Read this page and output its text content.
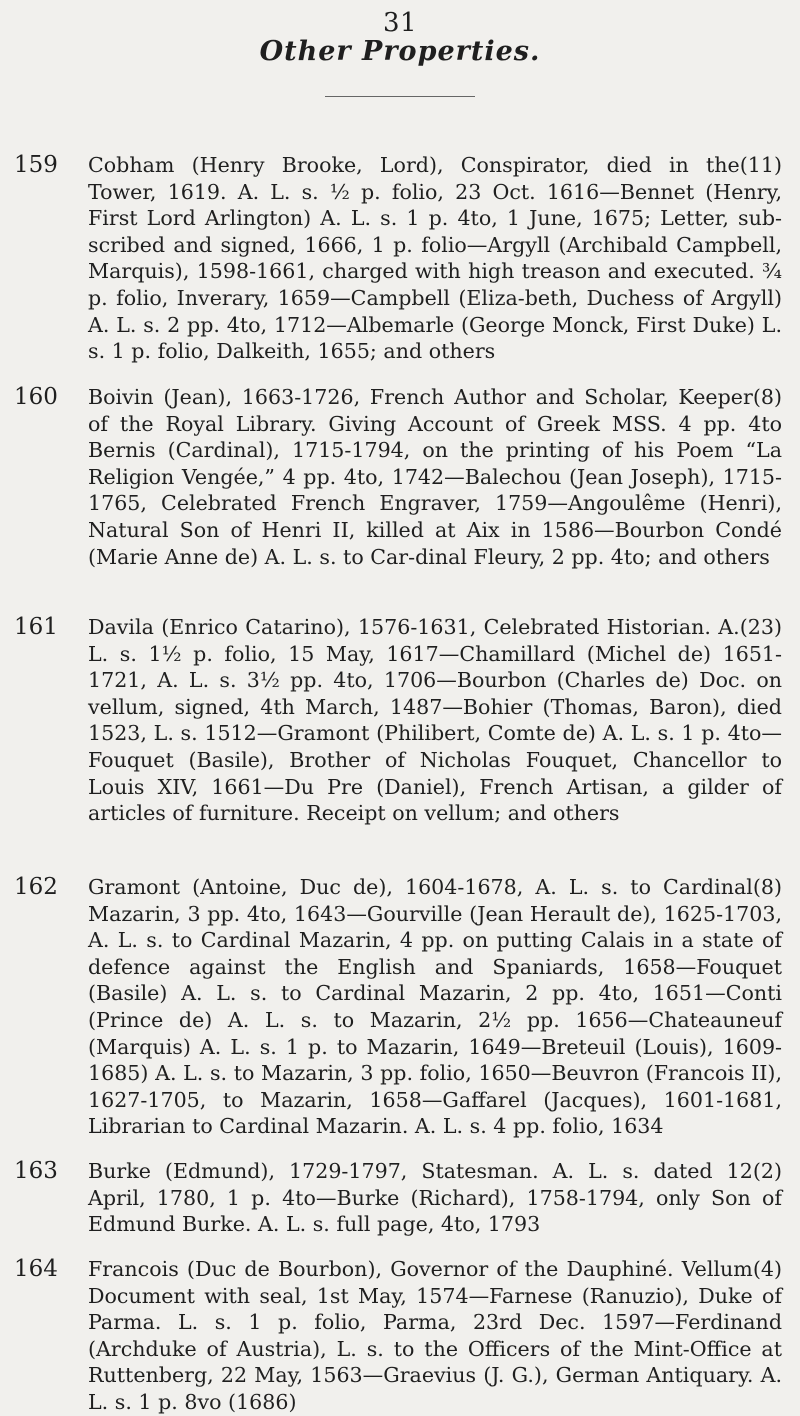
31
Other Properties.
159	(11)
Cobham (Henry Brooke, Lord), Conspirator, died in the Tower, 1619. A. L. s. ½ p. folio, 23 Oct. 1616—Bennet (Henry, First Lord Arlington) A. L. s. 1 p. 4to, 1 June, 1675; Letter, sub-scribed and signed, 1666, 1 p. folio—Argyll (Archibald Campbell, Marquis), 1598-1661, charged with high treason and executed. ¾ p. folio, Inverary, 1659—Campbell (Eliza-beth, Duchess of Argyll) A. L. s. 2 pp. 4to, 1712—Albemarle (George Monck, First Duke) L. s. 1 p. folio, Dalkeith, 1655; and others
160	(8)
Boivin (Jean), 1663-1726, French Author and Scholar, Keeper of the Royal Library. Giving Account of Greek MSS. 4 pp. 4to Bernis (Cardinal), 1715-1794, on the printing of his Poem “La Religion Vengée,” 4 pp. 4to, 1742—Balechou (Jean Joseph), 1715-1765, Celebrated French Engraver, 1759—Angoulême (Henri), Natural Son of Henri II, killed at Aix in 1586—Bourbon Condé (Marie Anne de) A. L. s. to Car-dinal Fleury, 2 pp. 4to; and others
161	(23)
Davila (Enrico Catarino), 1576-1631, Celebrated Historian. A. L. s. 1½ p. folio, 15 May, 1617—Chamillard (Michel de) 1651-1721, A. L. s. 3½ pp. 4to, 1706—Bourbon (Charles de) Doc. on vellum, signed, 4th March, 1487—Bohier (Thomas, Baron), died 1523, L. s. 1512—Gramont (Philibert, Comte de) A. L. s. 1 p. 4to—Fouquet (Basile), Brother of Nicholas Fouquet, Chancellor to Louis XIV, 1661—Du Pre (Daniel), French Artisan, a gilder of articles of furniture. Receipt on vellum; and others
162	(8)
Gramont (Antoine, Duc de), 1604-1678, A. L. s. to Cardinal Mazarin, 3 pp. 4to, 1643—Gourville (Jean Herault de), 1625-1703, A. L. s. to Cardinal Mazarin, 4 pp. on putting Calais in a state of defence against the English and Spaniards, 1658—Fouquet (Basile) A. L. s. to Cardinal Mazarin, 2 pp. 4to, 1651—Conti (Prince de) A. L. s. to Mazarin, 2½ pp. 1656—Chateauneuf (Marquis) A. L. s. 1 p. to Mazarin, 1649—Breteuil (Louis), 1609-1685) A. L. s. to Mazarin, 3 pp. folio, 1650—Beuvron (Francois II), 1627-1705, to Mazarin, 1658—Gaffarel (Jacques), 1601-1681, Librarian to Cardinal Mazarin. A. L. s. 4 pp. folio, 1634
163	(2)
Burke (Edmund), 1729-1797, Statesman. A. L. s. dated 12 April, 1780, 1 p. 4to—Burke (Richard), 1758-1794, only Son of Edmund Burke. A. L. s. full page, 4to, 1793
164	(4)
Francois (Duc de Bourbon), Governor of the Dauphiné. Vellum Document with seal, 1st May, 1574—Farnese (Ranuzio), Duke of Parma. L. s. 1 p. folio, Parma, 23rd Dec. 1597—Ferdinand (Archduke of Austria), L. s. to the Officers of the Mint-Office at Ruttenberg, 22 May, 1563—Graevius (J. G.), German Antiquary. A. L. s. 1 p. 8vo (1686)
